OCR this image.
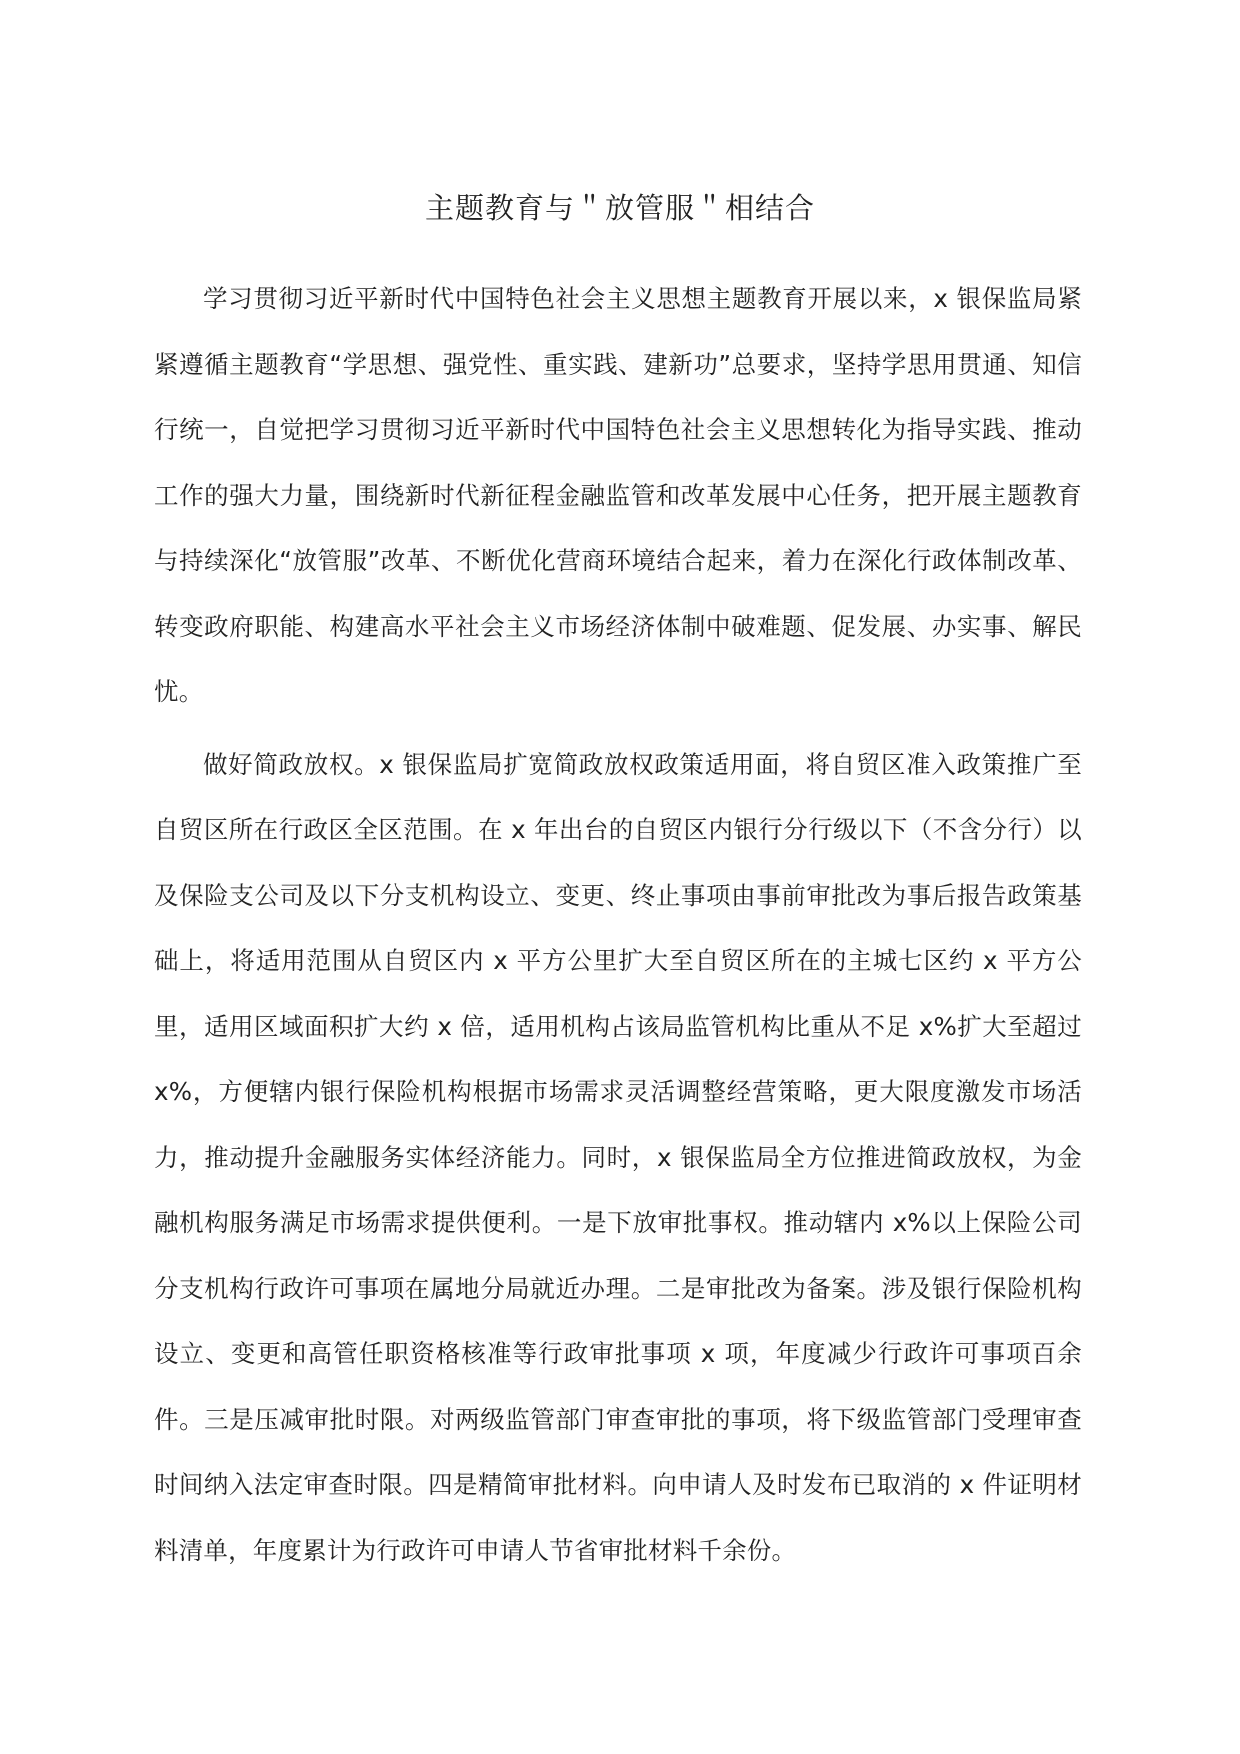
主题教育与＂放管服＂相结合

学习贯彻习近平新时代中国特色社会主义思想主题教育开展以来，x 银保监局紧紧遵循主题教育“学思想、强党性、重实践、建新功”总要求，坚持学思用贯通、知信行统一，自觉把学习贯彻习近平新时代中国特色社会主义思想转化为指导实践、推动工作的强大力量，围绕新时代新征程金融监管和改革发展中心任务，把开展主题教育与持续深化“放管服”改革、不断优化营商环境结合起来，着力在深化行政体制改革、转变政府职能、构建高水平社会主义市场经济体制中破难题、促发展、办实事、解民忧。

做好简政放权。x 银保监局扩宽简政放权政策适用面，将自贸区准入政策推广至自贸区所在行政区全区范围。在 x 年出台的自贸区内银行分行级以下（不含分行）以及保险支公司及以下分支机构设立、变更、终止事项由事前审批改为事后报告政策基础上，将适用范围从自贸区内 x 平方公里扩大至自贸区所在的主城七区约 x 平方公里，适用区域面积扩大约 x 倍，适用机构占该局监管机构比重从不足 x%扩大至超过 x%，方便辖内银行保险机构根据市场需求灵活调整经营策略，更大限度激发市场活力，推动提升金融服务实体经济能力。同时，x 银保监局全方位推进简政放权，为金融机构服务满足市场需求提供便利。一是下放审批事权。推动辖内 x%以上保险公司分支机构行政许可事项在属地分局就近办理。二是审批改为备案。涉及银行保险机构设立、变更和高管任职资格核准等行政审批事项 x 项，年度减少行政许可事项百余件。三是压减审批时限。对两级监管部门审查审批的事项，将下级监管部门受理审查时间纳入法定审查时限。四是精简审批材料。向申请人及时发布已取消的 x 件证明材料清单，年度累计为行政许可申请人节省审批材料千余份。
